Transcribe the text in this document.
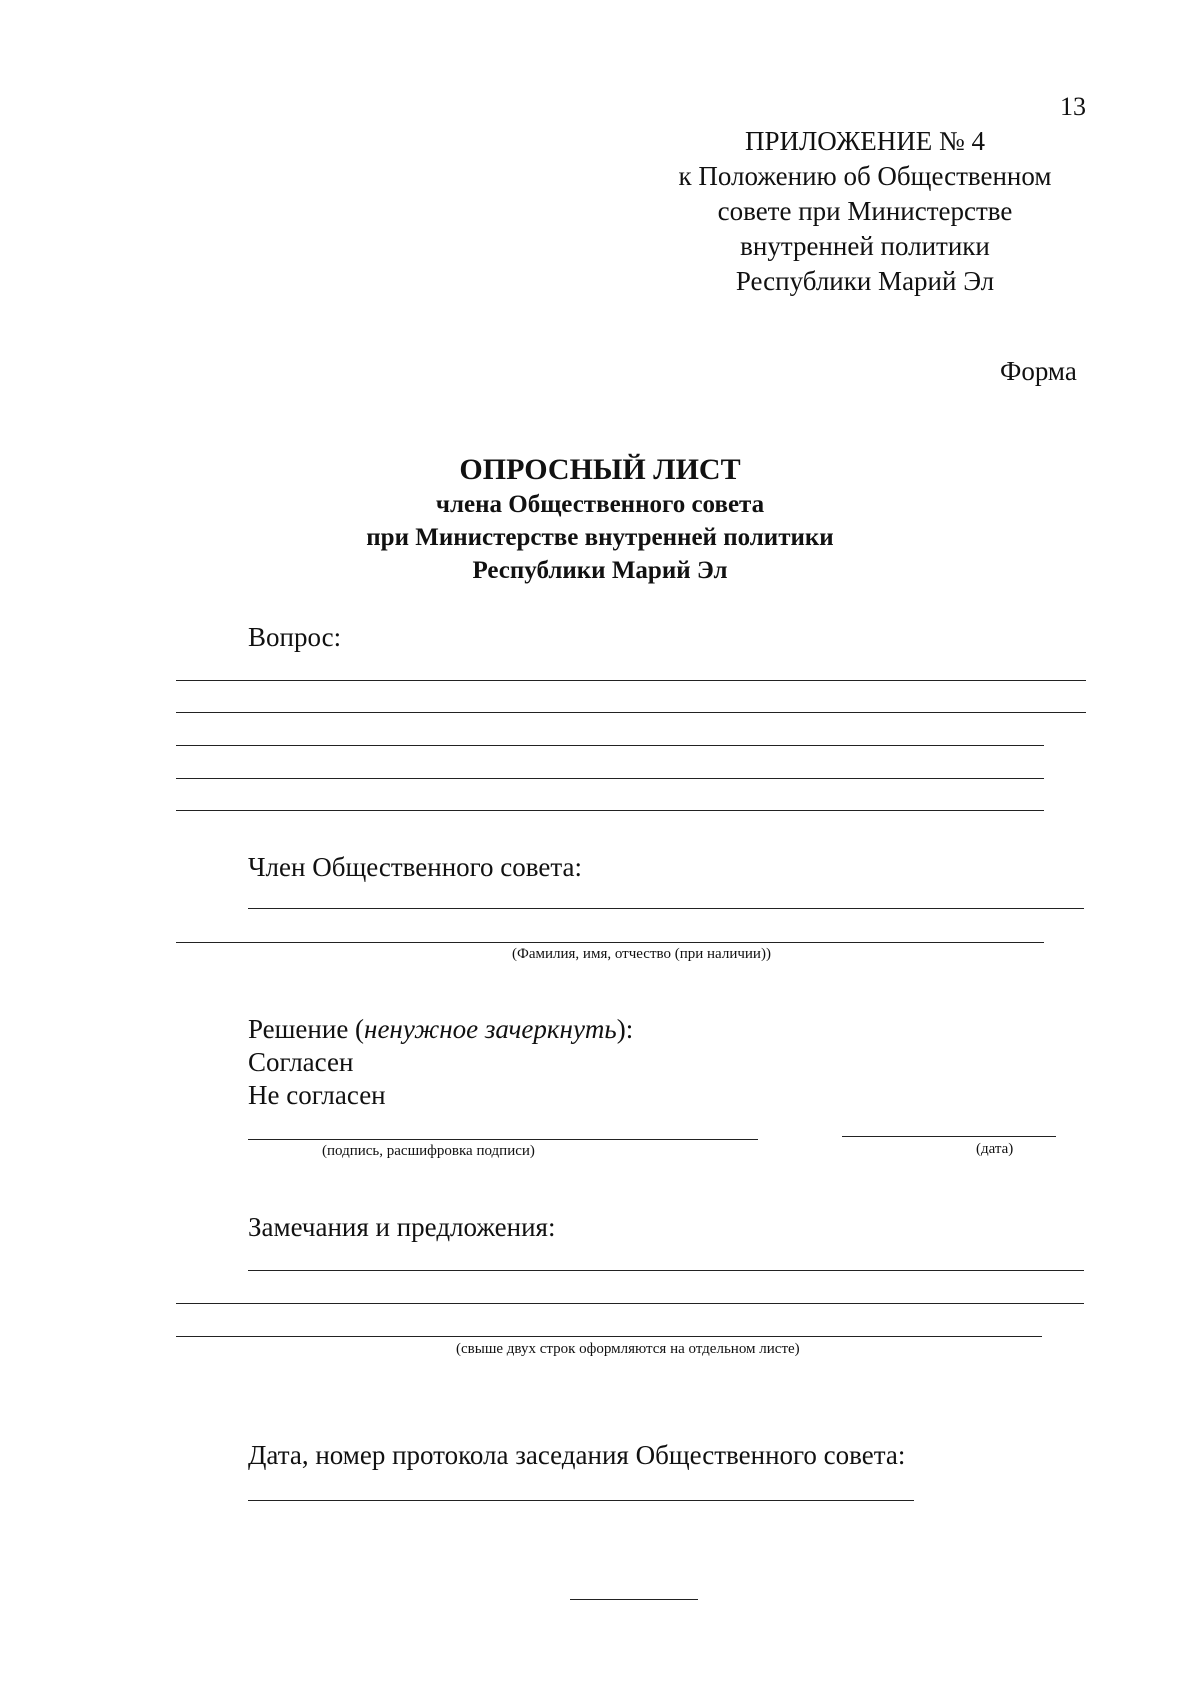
13
ПРИЛОЖЕНИЕ № 4
к Положению об Общественном
совете при Министерстве
внутренней политики
Республики Марий Эл
Форма
ОПРОСНЫЙ ЛИСТ
члена Общественного совета
при Министерстве внутренней политики
Республики Марий Эл
Вопрос:
Член Общественного совета:
(Фамилия, имя, отчество (при наличии))
Решение (ненужное зачеркнуть):
Согласен
Не согласен
(подпись, расшифровка подписи)	(дата)
Замечания и предложения:
(свыше двух строк оформляются на отдельном листе)
Дата, номер протокола заседания Общественного совета:
